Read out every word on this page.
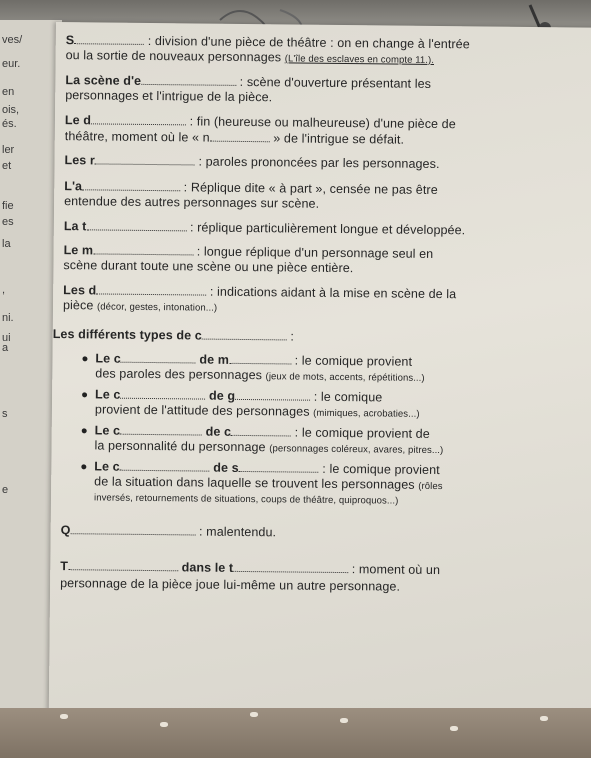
ves/
eur.
en
ois,
és.
ler
et
fie
es
la
,
ni.
ui
a
s
e
S	: division d'une pièce de théâtre : on en change à l'entrée
ou la sortie de nouveaux personnages (L'île des esclaves en compte 11.).
La scène d'e	: scène d'ouverture présentant les
personnages et l'intrigue de la pièce.
Le d	: fin (heureuse ou malheureuse) d'une pièce de
théâtre, moment où le « n	» de l'intrigue se défait.
Les r	: paroles prononcées par les personnages.
L'a	: Réplique dite « à part », censée ne pas être
entendue des autres personnages sur scène.
La t	: réplique particulièrement longue et développée.
Le m	: longue réplique d'un personnage seul en
scène durant toute une scène ou une pièce entière.
Les d	: indications aidant à la mise en scène de la
pièce (décor, gestes, intonation...)
Les différents types de c	:
Le c	de m	: le comique provient
des paroles des personnages (jeux de mots, accents, répétitions...)
Le c	de g	: le comique
provient de l'attitude des personnages (mimiques, acrobaties...)
Le c	de c	: le comique provient de
la personnalité du personnage (personnages coléreux, avares, pitres...)
Le c	de s	: le comique provient
de la situation dans laquelle se trouvent les personnages (rôles
inversés, retournements de situations, coups de théâtre, quiproquos...)
Q	: malentendu.
T	dans le t	: moment où un
personnage de la pièce joue lui-même un autre personnage.
